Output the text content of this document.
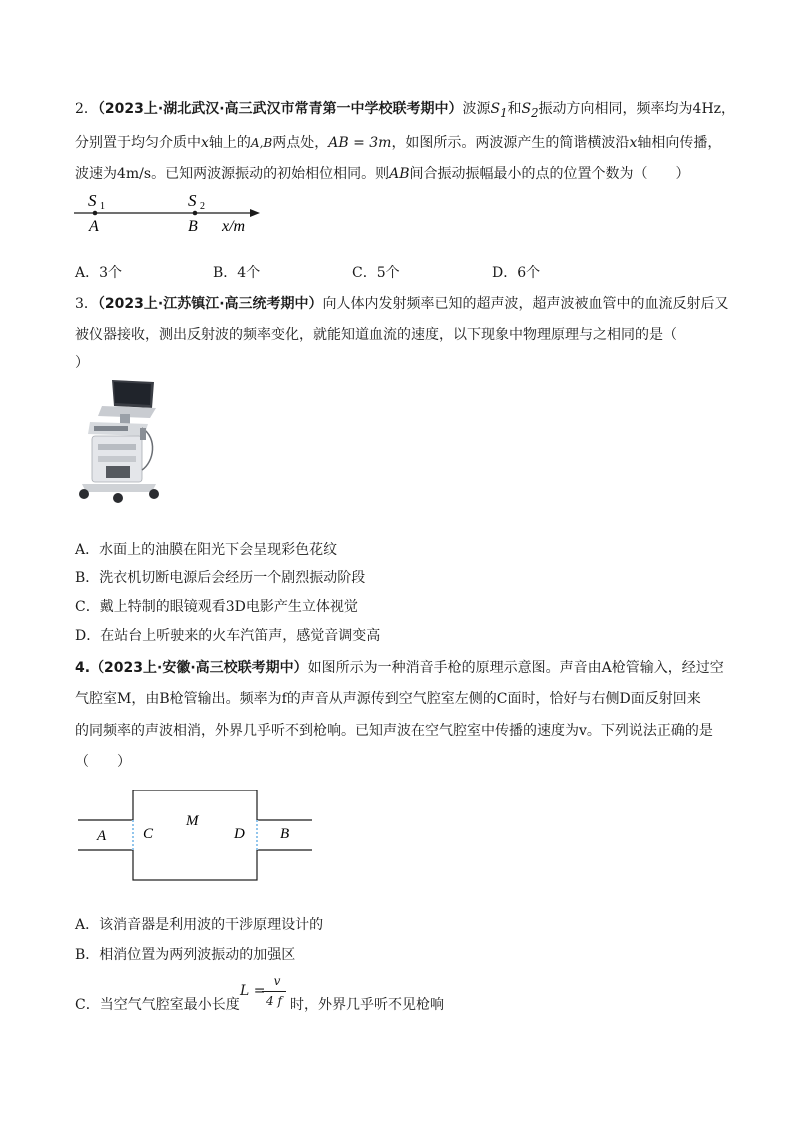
2．（2023上·湖北武汉·高三武汉市常青第一中学校联考期中）波源$S_1$和$S_2$振动方向相同，频率均为4Hz，
分别置于均匀介质中x轴上的A,B两点处，AB = 3m，如图所示。两波源产生的简谐横波沿x轴相向传播，
波速为4m/s。已知两波源振动的初始相位相同。则AB间合振动振幅最小的点的位置个数为（　　）
S 1	S 2
A	B x/m
A．3个	B．4个	C．5个	D．6个
3．（2023上·江苏镇江·高三统考期中）向人体内发射频率已知的超声波，超声波被血管中的血流反射后又
被仪器接收，测出反射波的频率变化，就能知道血流的速度，以下现象中物理原理与之相同的是（
）
A．水面上的油膜在阳光下会呈现彩色花纹
B．洗衣机切断电源后会经历一个剧烈振动阶段
C．戴上特制的眼镜观看3D电影产生立体视觉
D．在站台上听驶来的火车汽笛声，感觉音调变高
4.（2023上·安徽·高三校联考期中）如图所示为一种消音手枪的原理示意图。声音由A枪管输入，经过空
气腔室M，由B枪管输出。频率为f的声音从声源传到空气腔室左侧的C面时，恰好与右侧D面反射回来
的同频率的声波相消，外界几乎听不到枪响。已知声波在空气腔室中传播的速度为v。下列说法正确的是
（　　）
A C
M
D B
A．该消音器是利用波的干涉原理设计的
B．相消位置为两列波振动的加强区
C．当空气气腔室最小长度
L =
v
4 f 时，外界几乎听不见枪响
